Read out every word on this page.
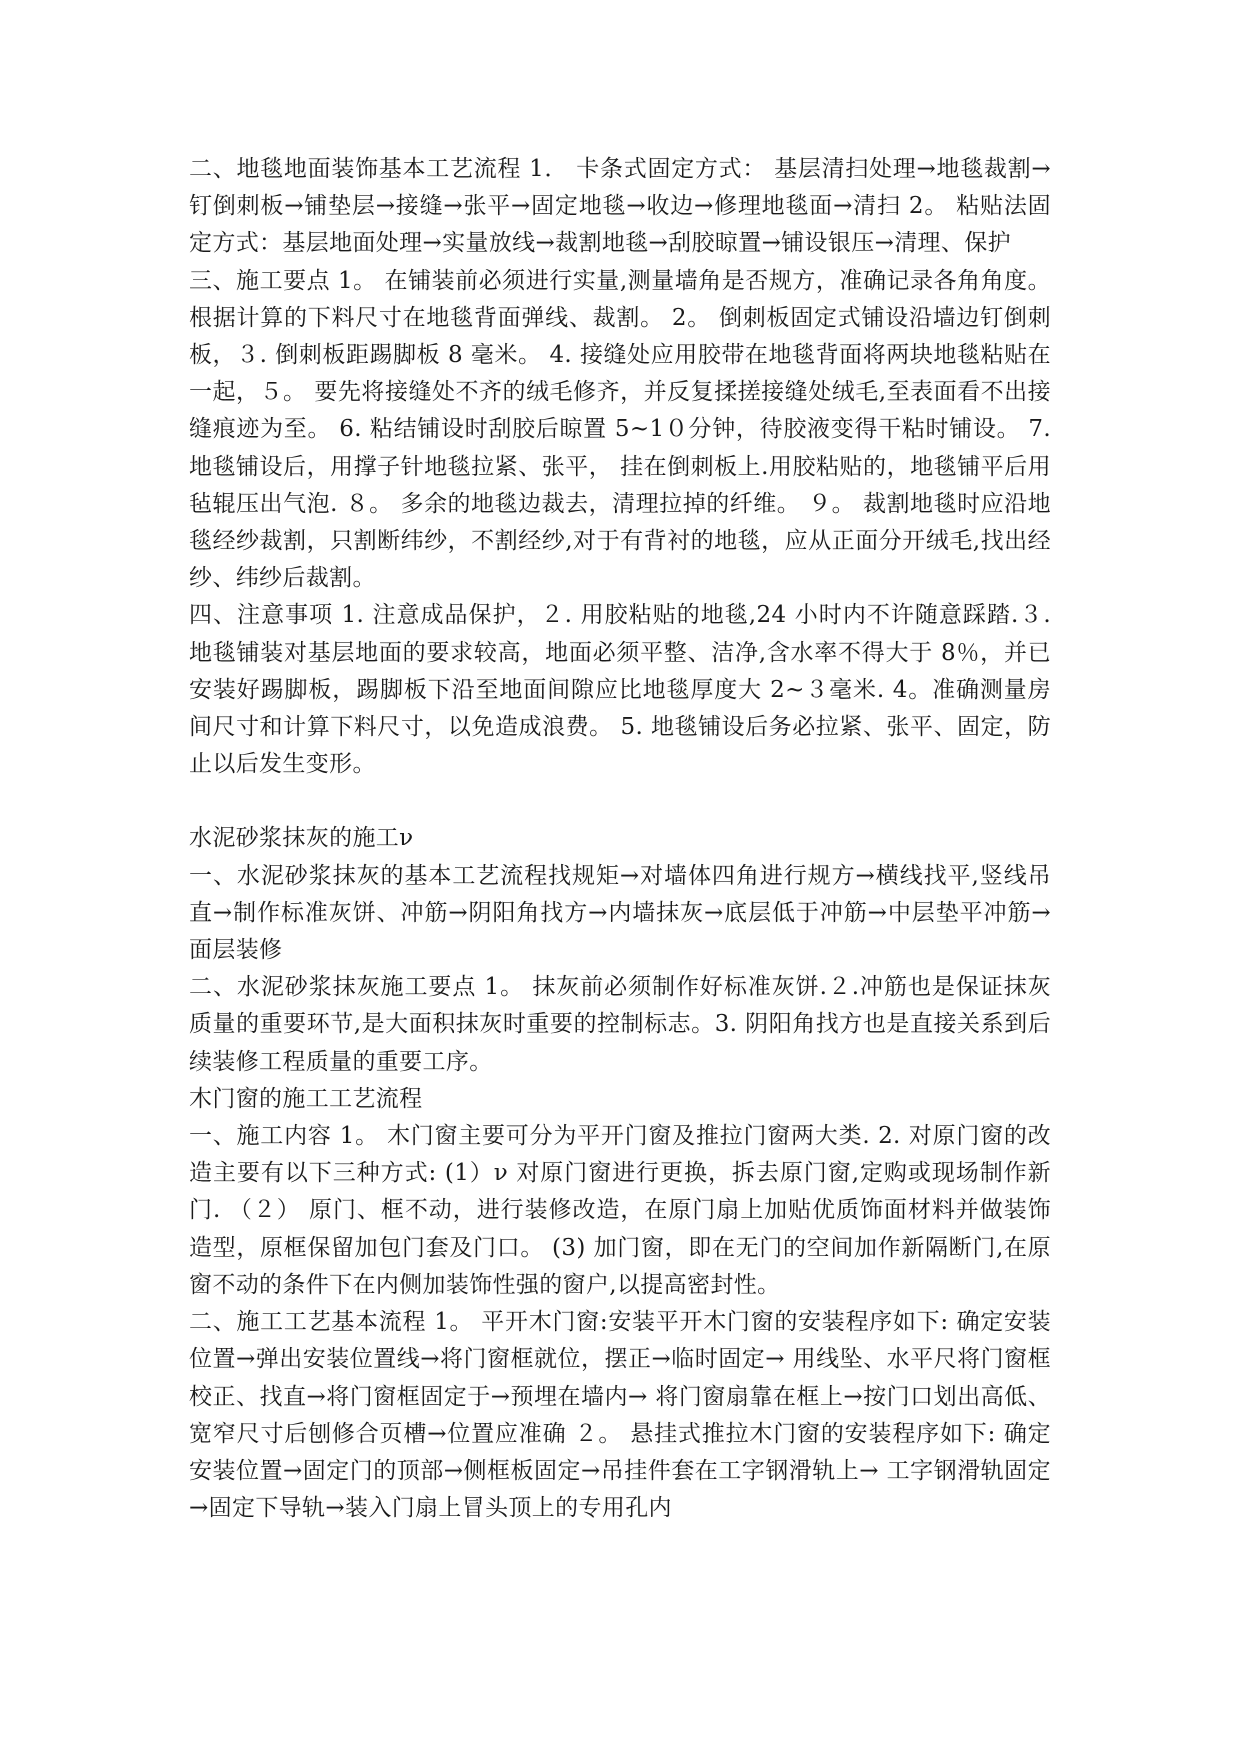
二、地毯地面装饰基本工艺流程 1． 卡条式固定方式： 基层清扫处理→地毯裁割→钉倒刺板→铺垫层→接缝→张平→固定地毯→收边→修理地毯面→清扫 2。 粘贴法固定方式：基层地面处理→实量放线→裁割地毯→刮胶晾置→铺设银压→清理、保护

三、施工要点 1。 在铺装前必须进行实量,测量墙角是否规方，准确记录各角角度。根据计算的下料尺寸在地毯背面弹线、裁割。 2。 倒刺板固定式铺设沿墙边钉倒刺板，３. 倒刺板距踢脚板 8 毫米。 4. 接缝处应用胶带在地毯背面将两块地毯粘贴在一起，５。 要先将接缝处不齐的绒毛修齐，并反复揉搓接缝处绒毛,至表面看不出接缝痕迹为至。 6. 粘结铺设时刮胶后晾置 5~1０分钟，待胶液变得干粘时铺设。 7. 地毯铺设后，用撑子针地毯拉紧、张平， 挂在倒刺板上.用胶粘贴的，地毯铺平后用毡辊压出气泡. ８。 多余的地毯边裁去，清理拉掉的纤维。 ９。 裁割地毯时应沿地毯经纱裁割，只割断纬纱，不割经纱,对于有背衬的地毯，应从正面分开绒毛,找出经纱、纬纱后裁割。

四、注意事项 1. 注意成品保护，２. 用胶粘贴的地毯,24 小时内不许随意踩踏.３. 地毯铺装对基层地面的要求较高，地面必须平整、洁净,含水率不得大于 8％，并已安装好踢脚板，踢脚板下沿至地面间隙应比地毯厚度大 2~３毫米. 4。准确测量房间尺寸和计算下料尺寸，以免造成浪费。 5. 地毯铺设后务必拉紧、张平、固定，防止以后发生变形。

水泥砂浆抹灰的施工ν

一、水泥砂浆抹灰的基本工艺流程找规矩→对墙体四角进行规方→横线找平,竖线吊直→制作标准灰饼、冲筋→阴阳角找方→内墙抹灰→底层低于冲筋→中层垫平冲筋→面层装修

二、水泥砂浆抹灰施工要点 1。 抹灰前必须制作好标准灰饼.２.冲筋也是保证抹灰质量的重要环节,是大面积抹灰时重要的控制标志。3. 阴阳角找方也是直接关系到后续装修工程质量的重要工序。

木门窗的施工工艺流程

一、施工内容 1。 木门窗主要可分为平开门窗及推拉门窗两大类. 2. 对原门窗的改造主要有以下三种方式: (1）ν 对原门窗进行更换，拆去原门窗,定购或现场制作新门. （２） 原门、框不动，进行装修改造，在原门扇上加贴优质饰面材料并做装饰造型，原框保留加包门套及门口。 (3) 加门窗，即在无门的空间加作新隔断门,在原窗不动的条件下在内侧加装饰性强的窗户,以提高密封性。

二、施工工艺基本流程 1。 平开木门窗:安装平开木门窗的安装程序如下: 确定安装位置→弹出安装位置线→将门窗框就位，摆正→临时固定→ 用线坠、水平尺将门窗框校正、找直→将门窗框固定于→预埋在墙内→ 将门窗扇靠在框上→按门口划出高低、宽窄尺寸后刨修合页槽→位置应准确 ２。 悬挂式推拉木门窗的安装程序如下: 确定安装位置→固定门的顶部→侧框板固定→吊挂件套在工字钢滑轨上→ 工字钢滑轨固定→固定下导轨→装入门扇上冒头顶上的专用孔内
